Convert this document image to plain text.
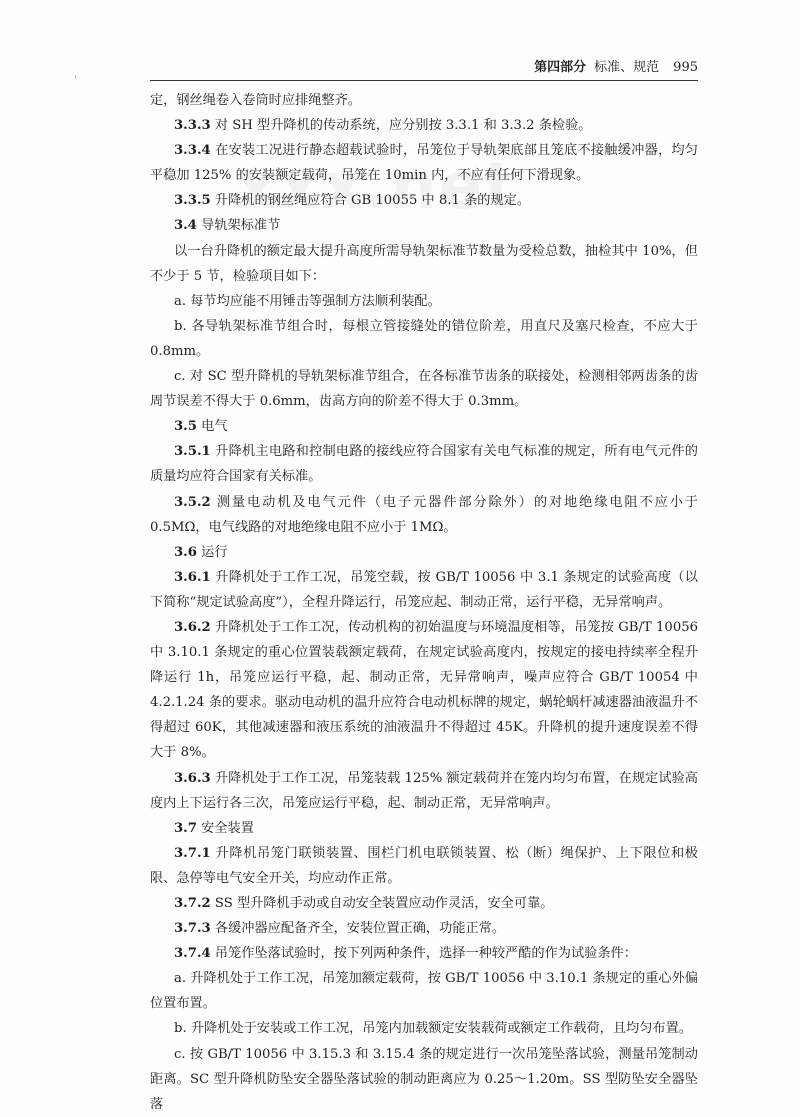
'
第四部分 标准、规范 995

定，钢丝绳卷入卷筒时应排绳整齐。

3.3.3 对 SH 型升降机的传动系统，应分别按 3.3.1 和 3.3.2 条检验。

3.3.4 在安装工况进行静态超载试验时，吊笼位于导轨架底部且笼底不接触缓冲器，均匀平稳加 125% 的安装额定载荷，吊笼在 10min 内，不应有任何下滑现象。

3.3.5 升降机的钢丝绳应符合 GB 10055 中 8.1 条的规定。

3.4 导轨架标准节

以一台升降机的额定最大提升高度所需导轨架标准节数量为受检总数，抽检其中 10%，但不少于 5 节，检验项目如下：

a. 每节均应能不用锤击等强制方法顺利装配。

b. 各导轨架标准节组合时，每根立管接缝处的错位阶差，用直尺及塞尺检查，不应大于 0.8mm。

c. 对 SC 型升降机的导轨架标准节组合，在各标准节齿条的联接处，检测相邻两齿条的齿周节误差不得大于 0.6mm，齿高方向的阶差不得大于 0.3mm。

3.5 电气

3.5.1 升降机主电路和控制电路的接线应符合国家有关电气标准的规定，所有电气元件的质量均应符合国家有关标准。

3.5.2 测量电动机及电气元件（电子元器件部分除外）的对地绝缘电阻不应小于 0.5MΩ，电气线路的对地绝缘电阻不应小于 1MΩ。

3.6 运行

3.6.1 升降机处于工作工况，吊笼空载，按 GB/T 10056 中 3.1 条规定的试验高度（以下简称“规定试验高度”），全程升降运行，吊笼应起、制动正常，运行平稳，无异常响声。

3.6.2 升降机处于工作工况，传动机构的初始温度与环境温度相等，吊笼按 GB/T 10056 中 3.10.1 条规定的重心位置装载额定载荷，在规定试验高度内，按规定的接电持续率全程升降运行 1h，吊笼应运行平稳，起、制动正常，无异常响声，噪声应符合 GB/T 10054 中 4.2.1.24 条的要求。驱动电动机的温升应符合电动机标牌的规定，蜗轮蜗杆减速器油液温升不得超过 60K，其他减速器和液压系统的油液温升不得超过 45K。升降机的提升速度误差不得大于 8%。

3.6.3 升降机处于工作工况，吊笼装载 125% 额定载荷并在笼内均匀布置，在规定试验高度内上下运行各三次，吊笼应运行平稳，起、制动正常，无异常响声。

3.7 安全装置

3.7.1 升降机吊笼门联锁装置、围栏门机电联锁装置、松（断）绳保护、上下限位和极限、急停等电气安全开关，均应动作正常。

3.7.2 SS 型升降机手动或自动安全装置应动作灵活，安全可靠。

3.7.3 各缓冲器应配备齐全，安装位置正确，功能正常。

3.7.4 吊笼作坠落试验时，按下列两种条件，选择一种较严酷的作为试验条件：

a. 升降机处于工作工况，吊笼加额定载荷，按 GB/T 10056 中 3.10.1 条规定的重心外偏位置布置。

b. 升降机处于安装或工作工况，吊笼内加载额定安装载荷或额定工作载荷，且均匀布置。

c. 按 GB/T 10056 中 3.15.3 和 3.15.4 条的规定进行一次吊笼坠落试验，测量吊笼制动距离。SC 型升降机防坠安全器坠落试验的制动距离应为 0.25～1.20m。SS 型防坠安全器坠落
